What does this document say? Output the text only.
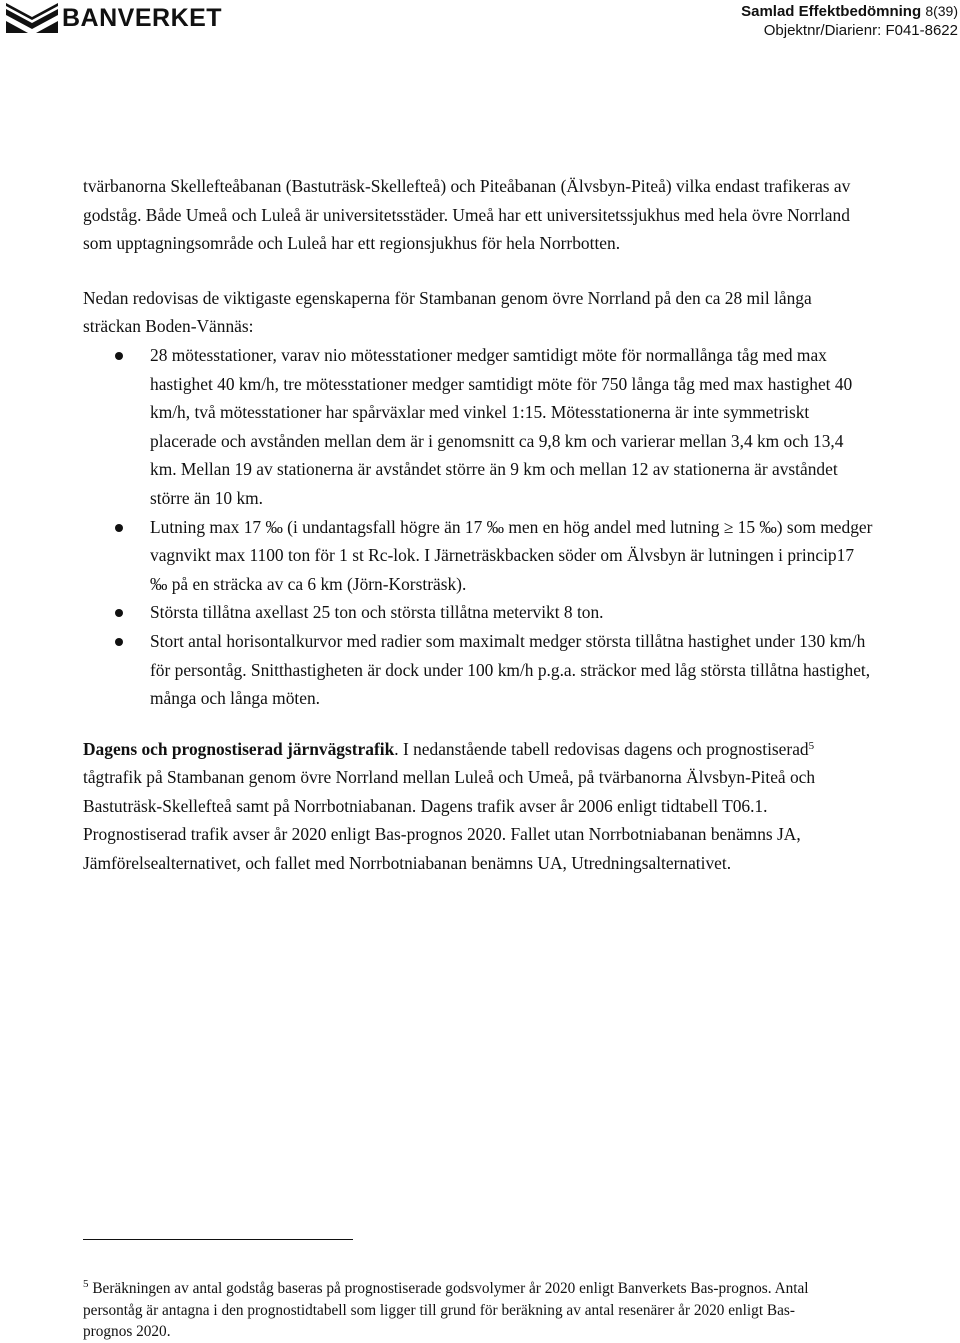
BANVERKET	Samlad Effektbedömning 8(39)
Objektnr/Diarienr: F041-8622

tvärbanorna Skellefteåbanan (Bastuträsk-Skellefteå) och Piteåbanan (Älvsbyn-Piteå) vilka endast trafikeras av godståg. Både Umeå och Luleå är universitetsstäder. Umeå har ett universitetssjukhus med hela övre Norrland som upptagningsområde och Luleå har ett regionsjukhus för hela Norrbotten.

Nedan redovisas de viktigaste egenskaperna för Stambanan genom övre Norrland på den ca 28 mil långa sträckan Boden-Vännäs:

28 mötesstationer, varav nio mötesstationer medger samtidigt möte för normallånga tåg med max hastighet 40 km/h, tre mötesstationer medger samtidigt möte för 750 långa tåg med max hastighet 40 km/h, två mötesstationer har spårväxlar med vinkel 1:15. Mötesstationerna är inte symmetriskt placerade och avstånden mellan dem är i genomsnitt ca 9,8 km och varierar mellan 3,4 km och 13,4 km. Mellan 19 av stationerna är avståndet större än 9 km och mellan 12 av stationerna är avståndet större än 10 km.
Lutning max 17 ‰ (i undantagsfall högre än 17 ‰ men en hög andel med lutning ≥ 15 ‰) som medger vagnvikt max 1100 ton för 1 st Rc-lok. I Järneträskbacken söder om Älvsbyn är lutningen i princip17 ‰ på en sträcka av ca 6 km (Jörn-Korsträsk).
Största tillåtna axellast 25 ton och största tillåtna metervikt 8 ton.
Stort antal horisontalkurvor med radier som maximalt medger största tillåtna hastighet under 130 km/h för persontåg. Snitthastigheten är dock under 100 km/h p.g.a. sträckor med låg största tillåtna hastighet, många och långa möten.

Dagens och prognostiserad järnvägstrafik. I nedanstående tabell redovisas dagens och prognostiserad$^5$ tågtrafik på Stambanan genom övre Norrland mellan Luleå och Umeå, på tvärbanorna Älvsbyn-Piteå och Bastuträsk-Skellefteå samt på Norrbotniabanan. Dagens trafik avser år 2006 enligt tidtabell T06.1. Prognostiserad trafik avser år 2020 enligt Bas-prognos 2020. Fallet utan Norrbotniabanan benämns JA, Jämförelsealternativet, och fallet med Norrbotniabanan benämns UA, Utredningsalternativet.

$^5$ Beräkningen av antal godståg baseras på prognostiserade godsvolymer år 2020 enligt Banverkets Bas-prognos. Antal persontåg är antagna i den prognostidtabell som ligger till grund för beräkning av antal resenärer år 2020 enligt Bas-prognos 2020.
